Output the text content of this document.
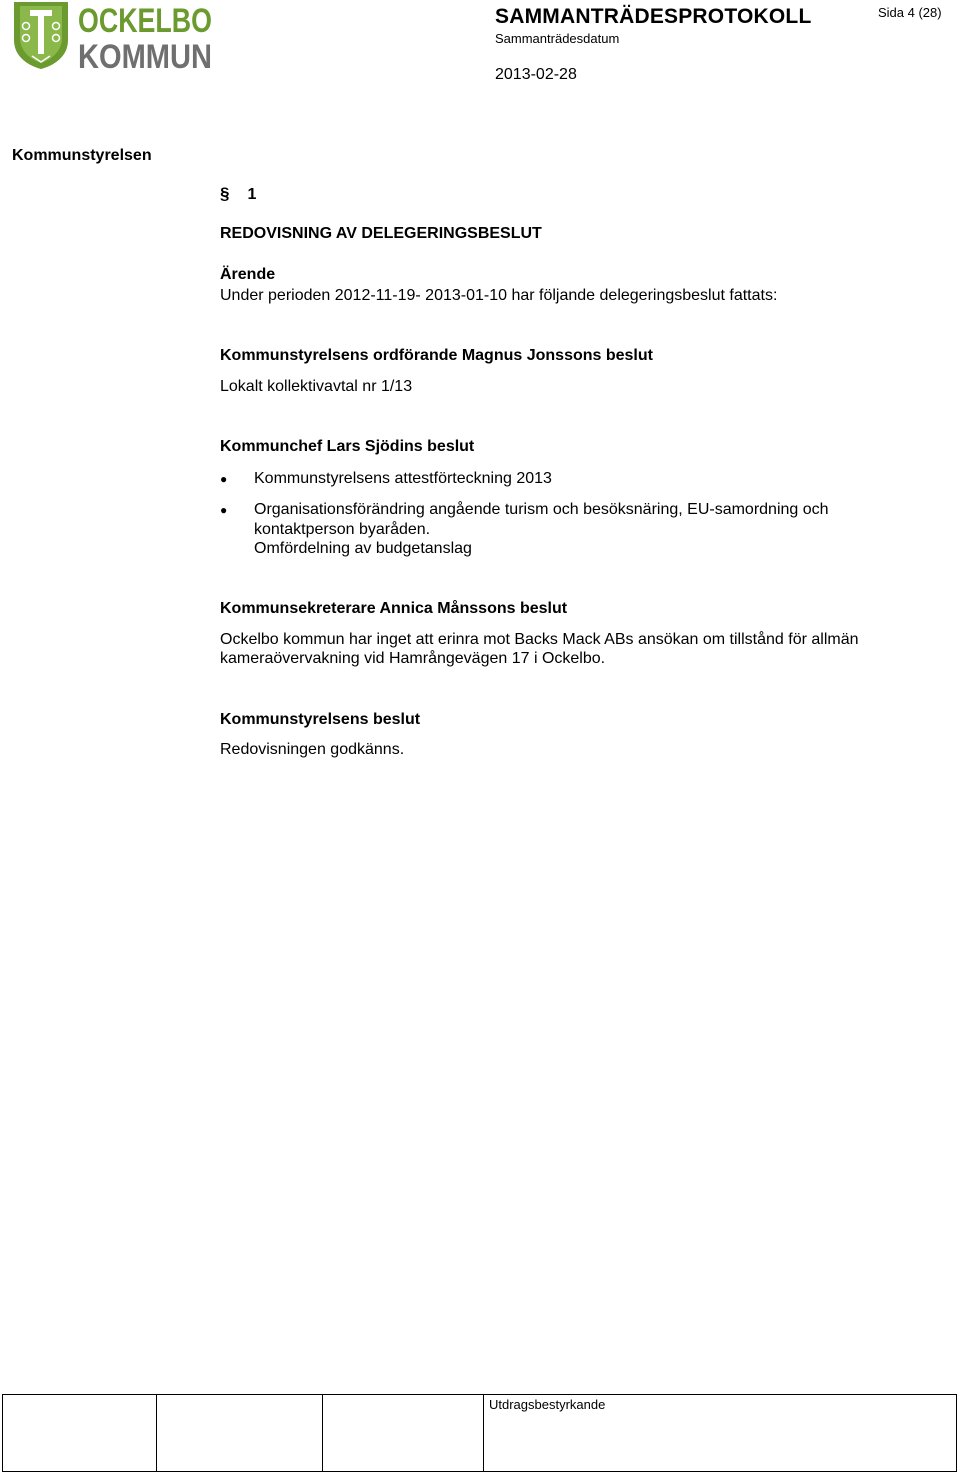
OCKELBO
KOMMUN
SAMMANTRÄDESPROTOKOLL
Sammanträdesdatum
2013-02-28
Sida 4 (28)
Kommunstyrelsen
§ 1
REDOVISNING AV DELEGERINGSBESLUT
Ärende
Under perioden 2012-11-19- 2013-01-10 har följande delegeringsbeslut fattats:
Kommunstyrelsens ordförande Magnus Jonssons beslut
Lokalt kollektivavtal nr 1/13
Kommunchef Lars Sjödins beslut
● Kommunstyrelsens attestförteckning 2013
● Organisationsförändring angående turism och besöksnäring, EU-samordning och
kontaktperson byaråden.
Omfördelning av budgetanslag
Kommunsekreterare Annica Månssons beslut
Ockelbo kommun har inget att erinra mot Backs Mack ABs ansökan om tillstånd för allmän
kameraövervakning vid Hamrångevägen 17 i Ockelbo.
Kommunstyrelsens beslut
Redovisningen godkänns.
Utdragsbestyrkande
